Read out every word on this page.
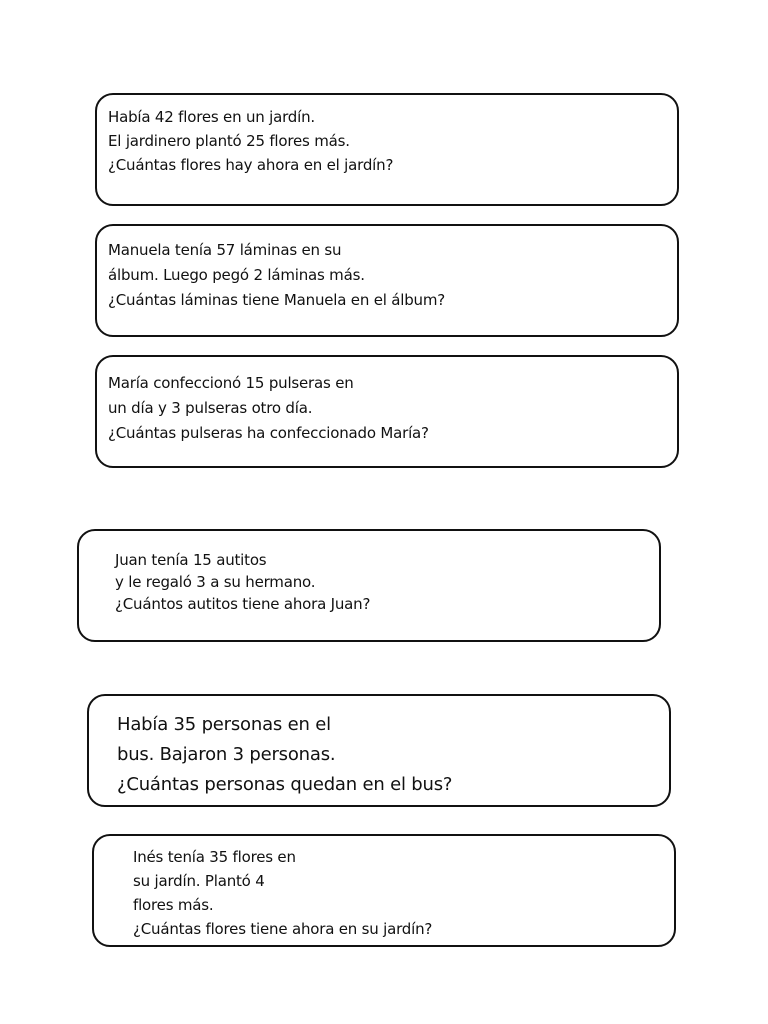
Había 42 flores en un jardín.
El jardinero plantó 25 flores más.
¿Cuántas flores hay ahora en el jardín?
Manuela tenía 57 láminas en su
álbum. Luego pegó 2 láminas más.
¿Cuántas láminas tiene Manuela en el álbum?
María confeccionó 15 pulseras en
un día y 3 pulseras otro día.
¿Cuántas pulseras ha confeccionado María?
Juan tenía 15 autitos
y le regaló 3 a su hermano.
¿Cuántos autitos tiene ahora Juan?
Había 35 personas en el
bus. Bajaron 3 personas.
¿Cuántas personas quedan en el bus?
Inés tenía 35 flores en
su jardín. Plantó 4
flores más.
¿Cuántas flores tiene ahora en su jardín?
